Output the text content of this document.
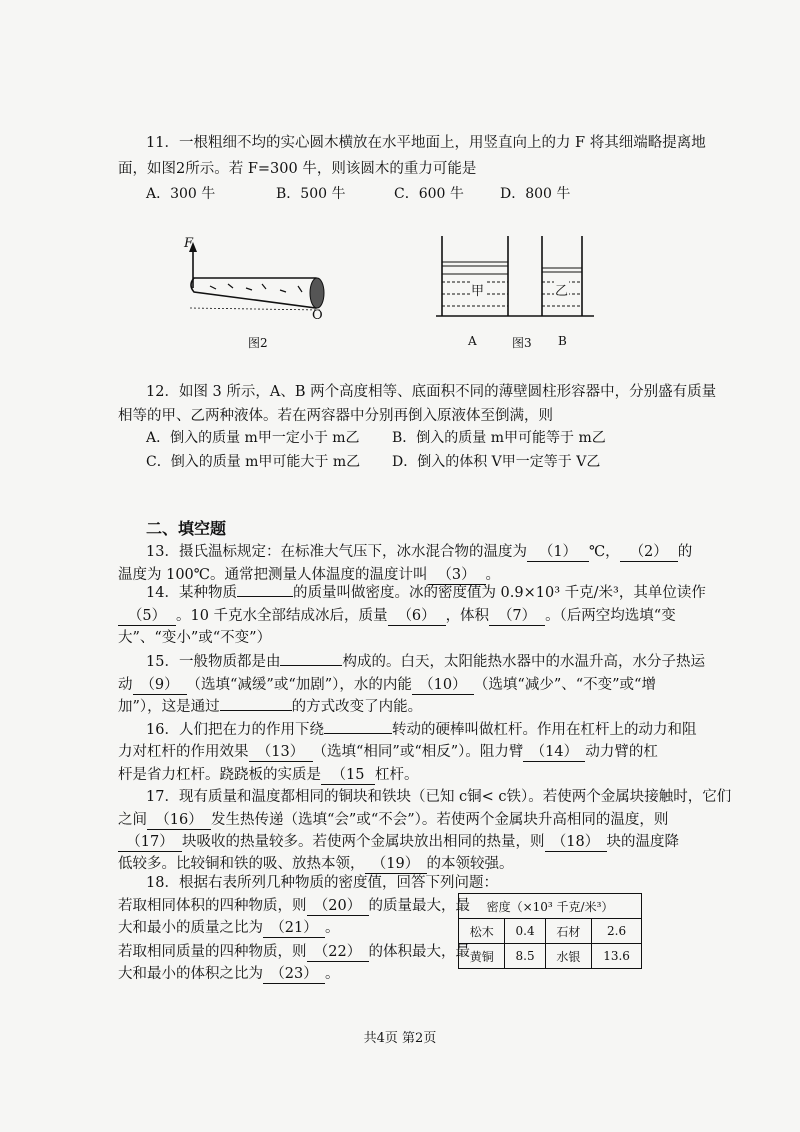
11．一根粗细不均的实心圆木横放在水平地面上，用竖直向上的力 F 将其细端略提离地
面，如图2所示。若 F=300 牛，则该圆木的重力可能是
A．300 牛	B．500 牛	C．600 牛	D．800 牛
F
O
图2
甲	乙
A	图3 B
12．如图 3 所示，A、B 两个高度相等、底面积不同的薄壁圆柱形容器中，分别盛有质量
相等的甲、乙两种液体。若在两容器中分别再倒入原液体至倒满，则
A．倒入的质量 m甲一定小于 m乙 B．倒入的质量 m甲可能等于 m乙
C．倒入的质量 m甲可能大于 m乙 D．倒入的体积 V甲一定等于 V乙
二、填空题
13．摄氏温标规定：在标准大气压下，冰水混合物的温度为 （1） ℃， （2） 的
温度为 100℃。通常把测量人体温度的温度计叫 （3） 。
14．某种物质	的质量叫做密度。冰的密度值为 0.9×10³ 千克/米³，其单位读作
（5） 。10 千克水全部结成冰后，质量 （6） ，体积 （7） 。（后两空均选填“变
大”、“变小”或“不变”）
15．一般物质都是由	构成的。白天，太阳能热水器中的水温升高，水分子热运
动 （9） （选填“减缓”或“加剧”），水的内能 （10） （选填“减少”、“不变”或“增
加”），这是通过	的方式改变了内能。
16．人们把在力的作用下绕	转动的硬棒叫做杠杆。作用在杠杆上的动力和阻
力对杠杆的作用效果 （13） （选填“相同”或“相反”）。阻力臂 （14） 动力臂的杠
杆是省力杠杆。跷跷板的实质是 （15 杠杆。
17．现有质量和温度都相同的铜块和铁块（已知 c铜< c铁）。若使两个金属块接触时，它们
之间 （16） 发生热传递（选填“会”或“不会”）。若使两个金属块升高相同的温度，则
（17） 块吸收的热量较多。若使两个金属块放出相同的热量，则 （18） 块的温度降
低较多。比较铜和铁的吸、放热本领， （19） 的本领较强。
18．根据右表所列几种物质的密度值，回答下列问题：
若取相同体积的四种物质，则 （20） 的质量最大，最
大和最小的质量之比为 （21） 。
若取相同质量的四种物质，则 （22） 的体积最大，最
大和最小的体积之比为 （23） 。
密度（×10³ 千克/米³）			
松木	0.4	石材	2.6
黄铜	8.5	水银	13.6
共4页 第2页
